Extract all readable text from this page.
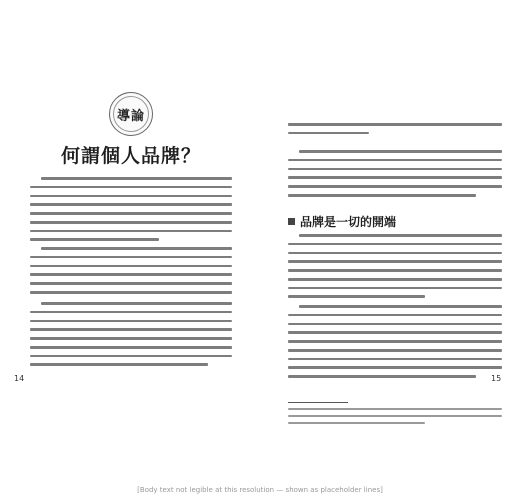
導論
何謂個人品牌？
14
品牌是一切的開端
15
[Body text not legible at this resolution — shown as placeholder lines]
